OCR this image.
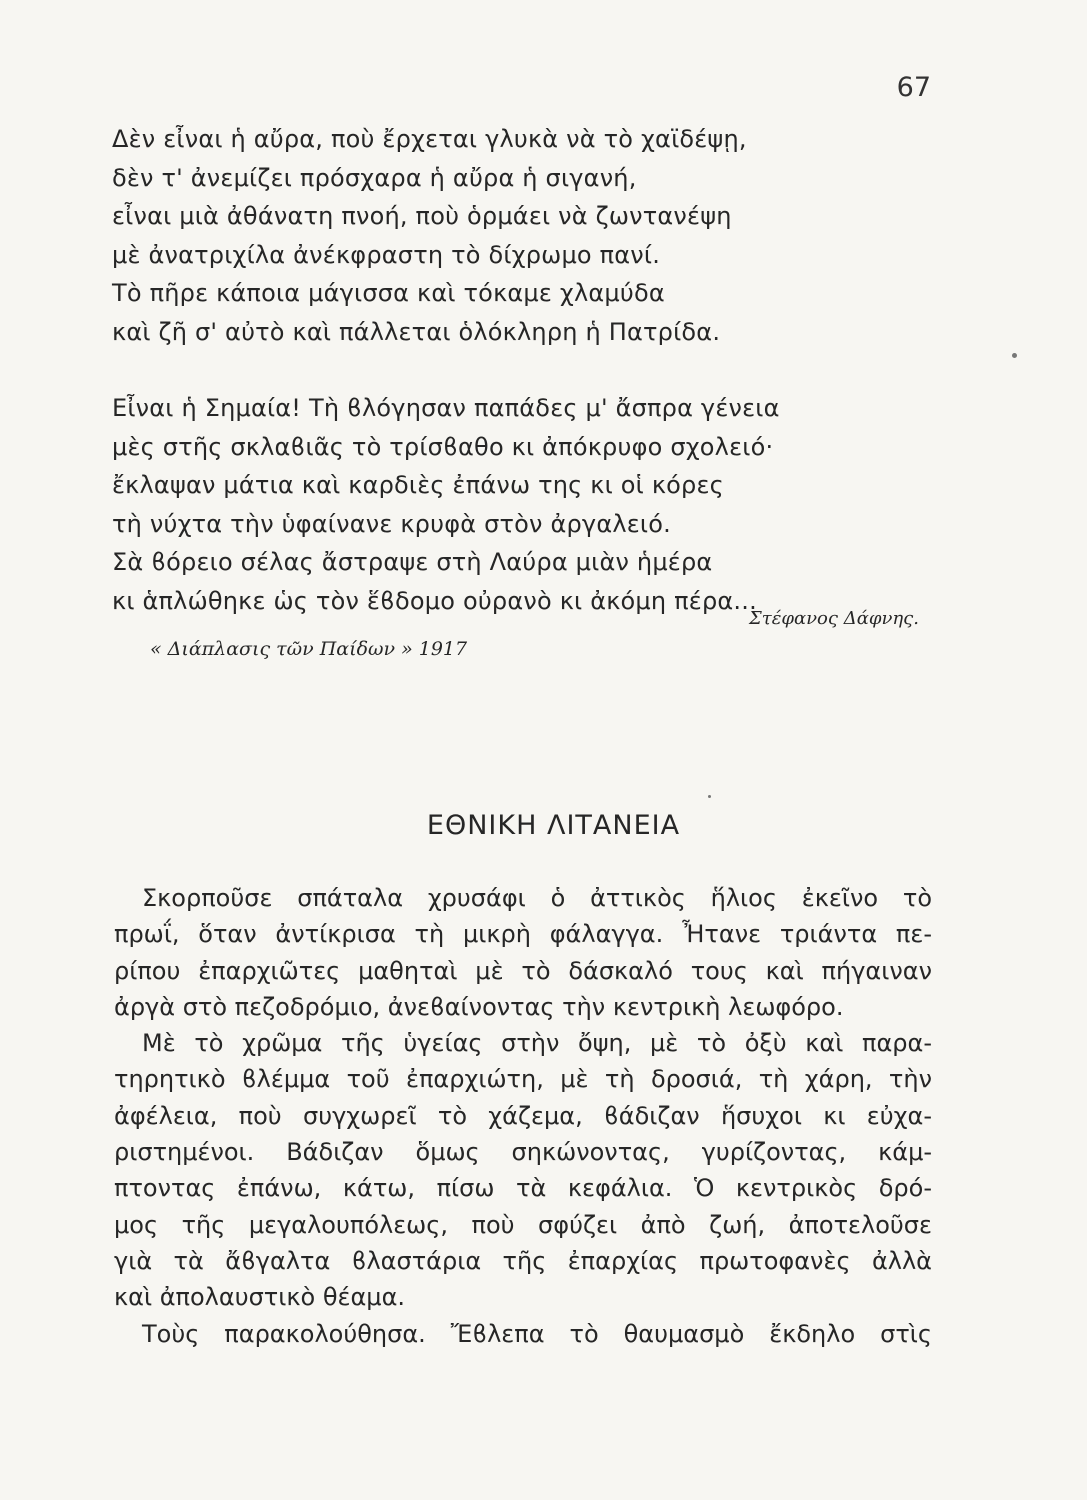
67
Δὲν εἶναι ἡ αὔρα, ποὺ ἔρχεται γλυκὰ νὰ τὸ χαϊδέψῃ,
δὲν τ' ἀνεμίζει πρόσχαρα ἡ αὔρα ἡ σιγανή,
εἶναι μιὰ ἀθάνατη πνοή, ποὺ ὁρμάει νὰ ζωντανέψη
μὲ ἀνατριχίλα ἀνέκφραστη τὸ δίχρωμο πανί.
Τὸ πῆρε κάποια μάγισσα καὶ τόκαμε χλαμύδα
καὶ ζῆ σ' αὐτὸ καὶ πάλλεται ὁλόκληρη ἡ Πατρίδα.
Εἶναι ἡ Σημαία! Τὴ ϐλόγησαν παπάδες μ' ἄσπρα γένεια
μὲς στῆς σκλαϐιᾶς τὸ τρίσϐαθο κι ἀπόκρυφο σχολειό·
ἔκλαψαν μάτια καὶ καρδιὲς ἐπάνω της κι οἱ κόρες
τὴ νύχτα τὴν ὑφαίνανε κρυφὰ στὸν ἀργαλειό.
Σὰ ϐόρειο σέλας ἄστραψε στὴ Λαύρα μιὰν ἡμέρα
κι ἁπλώθηκε ὡς τὸν ἕϐδομο οὐρανὸ κι ἀκόμη πέρα...
Στέφανος Δάφνης.
« Διάπλασις τῶν Παίδων » 1917
ΕΘΝΙΚΗ ΛΙΤΑΝΕΙΑ
Σκορποῦσε σπάταλα χρυσάφι ὁ ἀττικὸς ἥλιος ἐκεῖνο τὸ
πρωΐ, ὅταν ἀντίκρισα τὴ μικρὴ φάλαγγα. Ἦτανε τριάντα πε-
ρίπου ἐπαρχιῶτες μαθηταὶ μὲ τὸ δάσκαλό τους καὶ πήγαιναν
ἀργὰ στὸ πεζοδρόμιο, ἀνεϐαίνοντας τὴν κεντρικὴ λεωφόρο.
Μὲ τὸ χρῶμα τῆς ὑγείας στὴν ὄψη, μὲ τὸ ὀξὺ καὶ παρα-
τηρητικὸ ϐλέμμα τοῦ ἐπαρχιώτη, μὲ τὴ δροσιά, τὴ χάρη, τὴν
ἀφέλεια, ποὺ συγχωρεῖ τὸ χάζεμα, ϐάδιζαν ἥσυχοι κι εὐχα-
ριστημένοι. Βάδιζαν ὅμως σηκώνοντας, γυρίζοντας, κάμ-
πτοντας ἐπάνω, κάτω, πίσω τὰ κεφάλια. Ὁ κεντρικὸς δρό-
μος τῆς μεγαλουπόλεως, ποὺ σφύζει ἀπὸ ζωή, ἀποτελοῦσε
γιὰ τὰ ἄϐγαλτα ϐλαστάρια τῆς ἐπαρχίας πρωτοφανὲς ἀλλὰ
καὶ ἀπολαυστικὸ θέαμα.
Τοὺς παρακολούθησα. Ἔϐλεπα τὸ θαυμασμὸ ἔκδηλο στὶς
